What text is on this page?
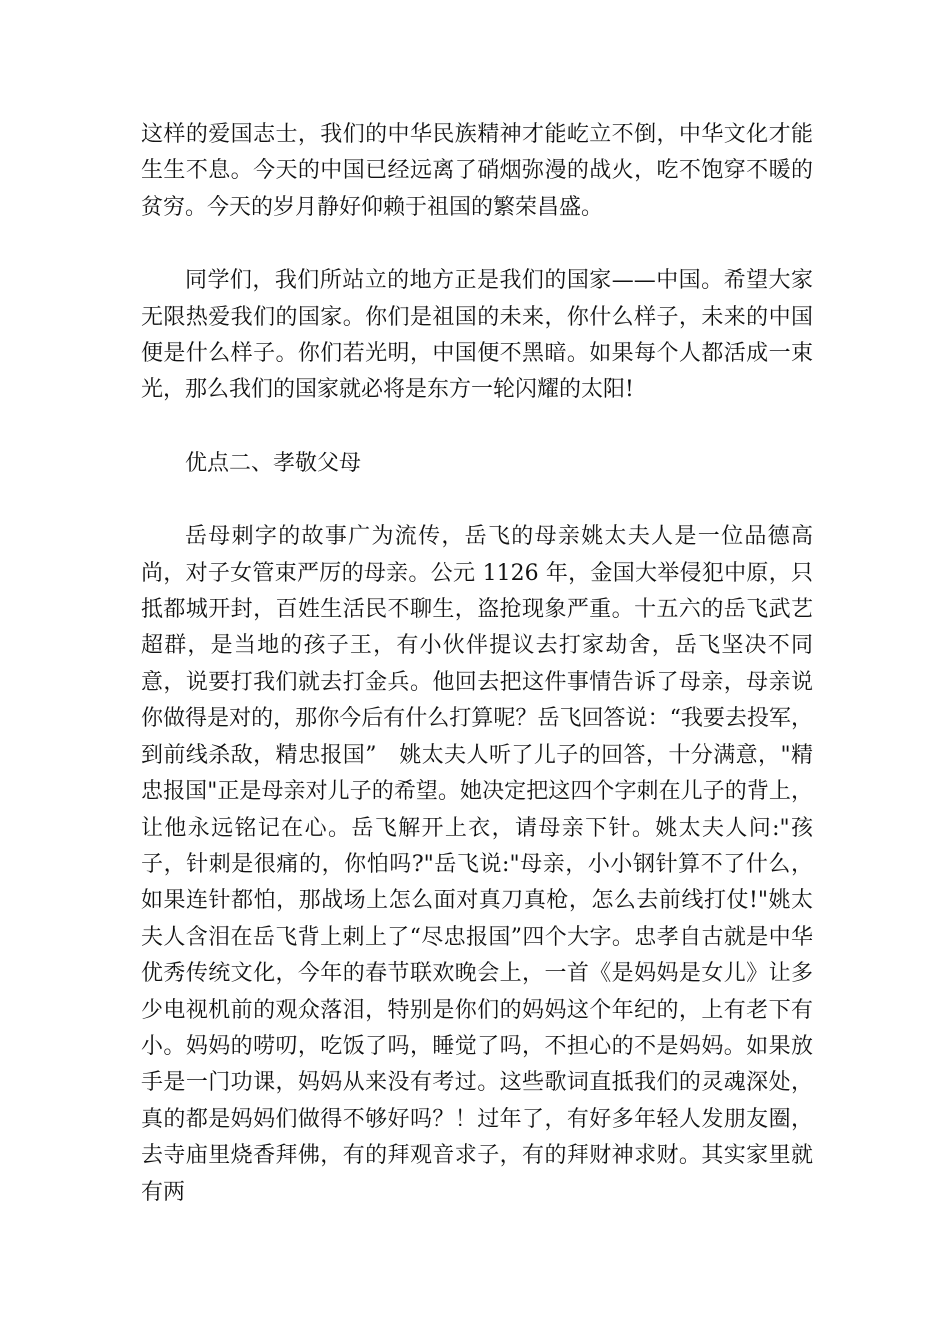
这样的爱国志士，我们的中华民族精神才能屹立不倒，中华文化才能生生不息。今天的中国已经远离了硝烟弥漫的战火，吃不饱穿不暖的贫穷。今天的岁月静好仰赖于祖国的繁荣昌盛。

同学们，我们所站立的地方正是我们的国家——中国。希望大家无限热爱我们的国家。你们是祖国的未来，你什么样子，未来的中国便是什么样子。你们若光明，中国便不黑暗。如果每个人都活成一束光，那么我们的国家就必将是东方一轮闪耀的太阳!

优点二、孝敬父母

岳母刺字的故事广为流传，岳飞的母亲姚太夫人是一位品德高尚，对子女管束严厉的母亲。公元 1126 年，金国大举侵犯中原，只抵都城开封，百姓生活民不聊生，盗抢现象严重。十五六的岳飞武艺超群，是当地的孩子王，有小伙伴提议去打家劫舍，岳飞坚决不同意，说要打我们就去打金兵。他回去把这件事情告诉了母亲，母亲说你做得是对的，那你今后有什么打算呢？岳飞回答说：“我要去投军，到前线杀敌，精忠报国”　姚太夫人听了儿子的回答，十分满意，"精忠报国"正是母亲对儿子的希望。她决定把这四个字刺在儿子的背上，让他永远铭记在心。岳飞解开上衣，请母亲下针。姚太夫人问:"孩子，针刺是很痛的，你怕吗?"岳飞说:"母亲，小小钢针算不了什么，如果连针都怕，那战场上怎么面对真刀真枪，怎么去前线打仗!"姚太夫人含泪在岳飞背上刺上了“尽忠报国”四个大字。忠孝自古就是中华优秀传统文化，今年的春节联欢晚会上，一首《是妈妈是女儿》让多少电视机前的观众落泪，特别是你们的妈妈这个年纪的，上有老下有小。妈妈的唠叨，吃饭了吗，睡觉了吗，不担心的不是妈妈。如果放手是一门功课，妈妈从来没有考过。这些歌词直抵我们的灵魂深处，真的都是妈妈们做得不够好吗？！过年了，有好多年轻人发朋友圈，去寺庙里烧香拜佛，有的拜观音求子，有的拜财神求财。其实家里就有两
